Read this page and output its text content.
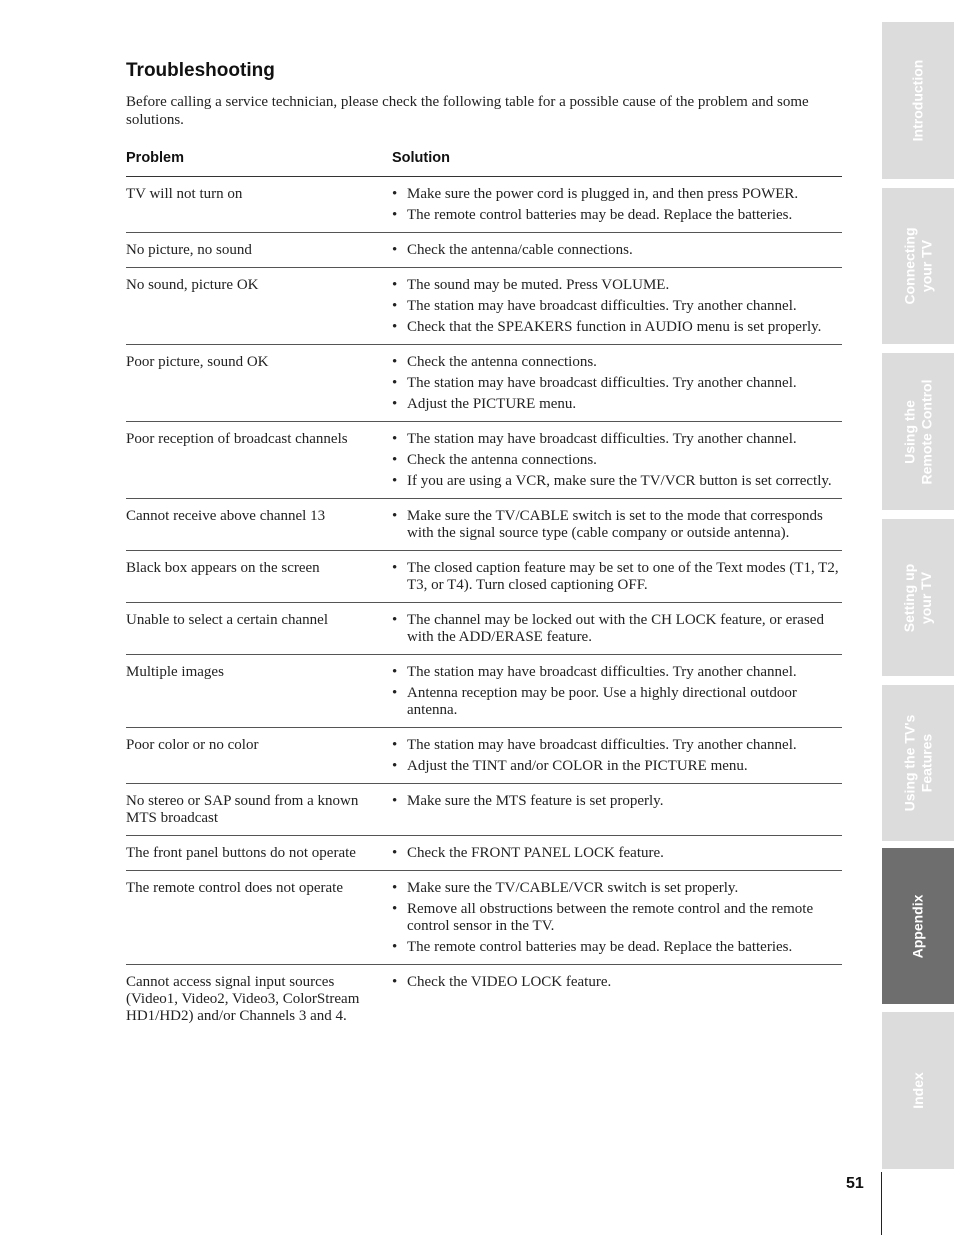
Troubleshooting

Before calling a service technician, please check the following table for a possible cause of the problem and some solutions.

Problem	Solution
TV will not turn on	• Make sure the power cord is plugged in, and then press POWER.
• The remote control batteries may be dead. Replace the batteries.
No picture, no sound	• Check the antenna/cable connections.
No sound, picture OK	• The sound may be muted. Press VOLUME.
• The station may have broadcast difficulties. Try another channel.
• Check that the SPEAKERS function in AUDIO menu is set properly.
Poor picture, sound OK	• Check the antenna connections.
• The station may have broadcast difficulties. Try another channel.
• Adjust the PICTURE menu.
Poor reception of broadcast channels	• The station may have broadcast difficulties. Try another channel.
• Check the antenna connections.
• If you are using a VCR, make sure the TV/VCR button is set correctly.
Cannot receive above channel 13	• Make sure the TV/CABLE switch is set to the mode that corresponds with the signal source type (cable company or outside antenna).
Black box appears on the screen	• The closed caption feature may be set to one of the Text modes (T1, T2, T3, or T4). Turn closed captioning OFF.
Unable to select a certain channel	• The channel may be locked out with the CH LOCK feature, or erased with the ADD/ERASE feature.
Multiple images	• The station may have broadcast difficulties. Try another channel.
• Antenna reception may be poor. Use a highly directional outdoor antenna.
Poor color or no color	• The station may have broadcast difficulties. Try another channel.
• Adjust the TINT and/or COLOR in the PICTURE menu.
No stereo or SAP sound from a known MTS broadcast
• Make sure the MTS feature is set properly.
The front panel buttons do not operate	• Check the FRONT PANEL LOCK feature.
The remote control does not operate	• Make sure the TV/CABLE/VCR switch is set properly.
• Remove all obstructions between the remote control and the remote control sensor in the TV.
• The remote control batteries may be dead. Replace the batteries.
Cannot access signal input sources (Video1, Video2, Video3, ColorStream HD1/HD2) and/or Channels 3 and 4.
• Check the VIDEO LOCK feature.
Introduction
Connecting
your TV
Using the
Remote Control
Setting up
your TV
Using the TV's
Features
Appendix
Index
51
